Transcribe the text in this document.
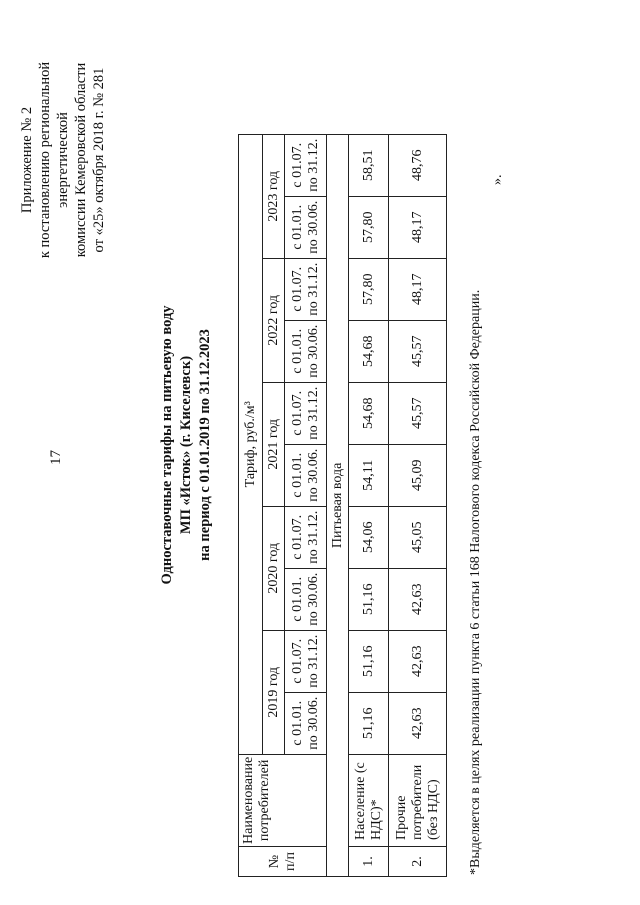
17
Приложение № 2 к постановлению региональной энергетической комиссии Кемеровской области от «25» октября 2018 г. № 281
Одноставочные тарифы на питьевую воду МП «Исток» (г. Киселевск) на период с 01.01.2019 по 31.12.2023
№ п/п	Наименование потребителей	Тариф, руб./м³									
		2019 год		2020 год		2021 год		2022 год		2023 год	
		с 01.01. по 30.06.	с 01.07. по 31.12.	с 01.01. по 30.06.	с 01.07. по 31.12.	с 01.01. по 30.06.	с 01.07. по 31.12.	с 01.01. по 30.06.	с 01.07. по 31.12.	с 01.01. по 30.06.	с 01.07. по 31.12.
Питьевая вода											
1.	Население (с НДС)*	51,16	51,16	51,16	54,06	54,11	54,68	54,68	57,80	57,80	58,51
2.	Прочие потребители (без НДС)	42,63	42,63	42,63	45,05	45,09	45,57	45,57	48,17	48,17	48,76
*Выделяется в целях реализации пункта 6 статьи 168 Налогового кодекса Российской Федерации.
».
